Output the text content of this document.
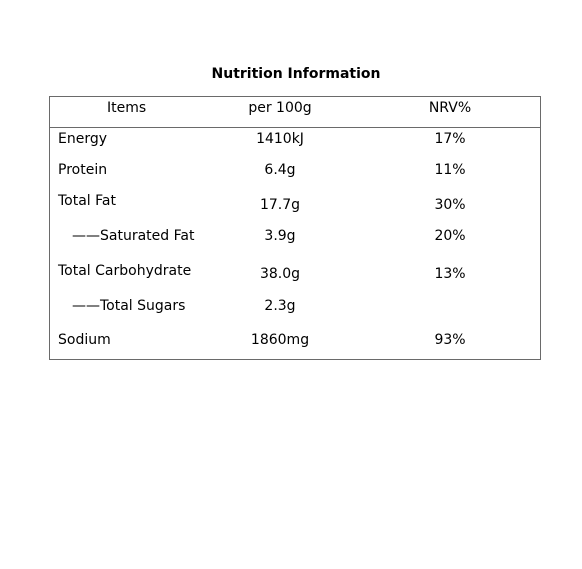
Nutrition Information
Items	per 100g	NRV%
Energy	1410kJ	17%
Protein	6.4g	11%
Total Fat	17.7g	30%
——Saturated Fat	3.9g	20%
Total Carbohydrate	38.0g	13%
——Total Sugars	2.3g
Sodium	1860mg	93%
